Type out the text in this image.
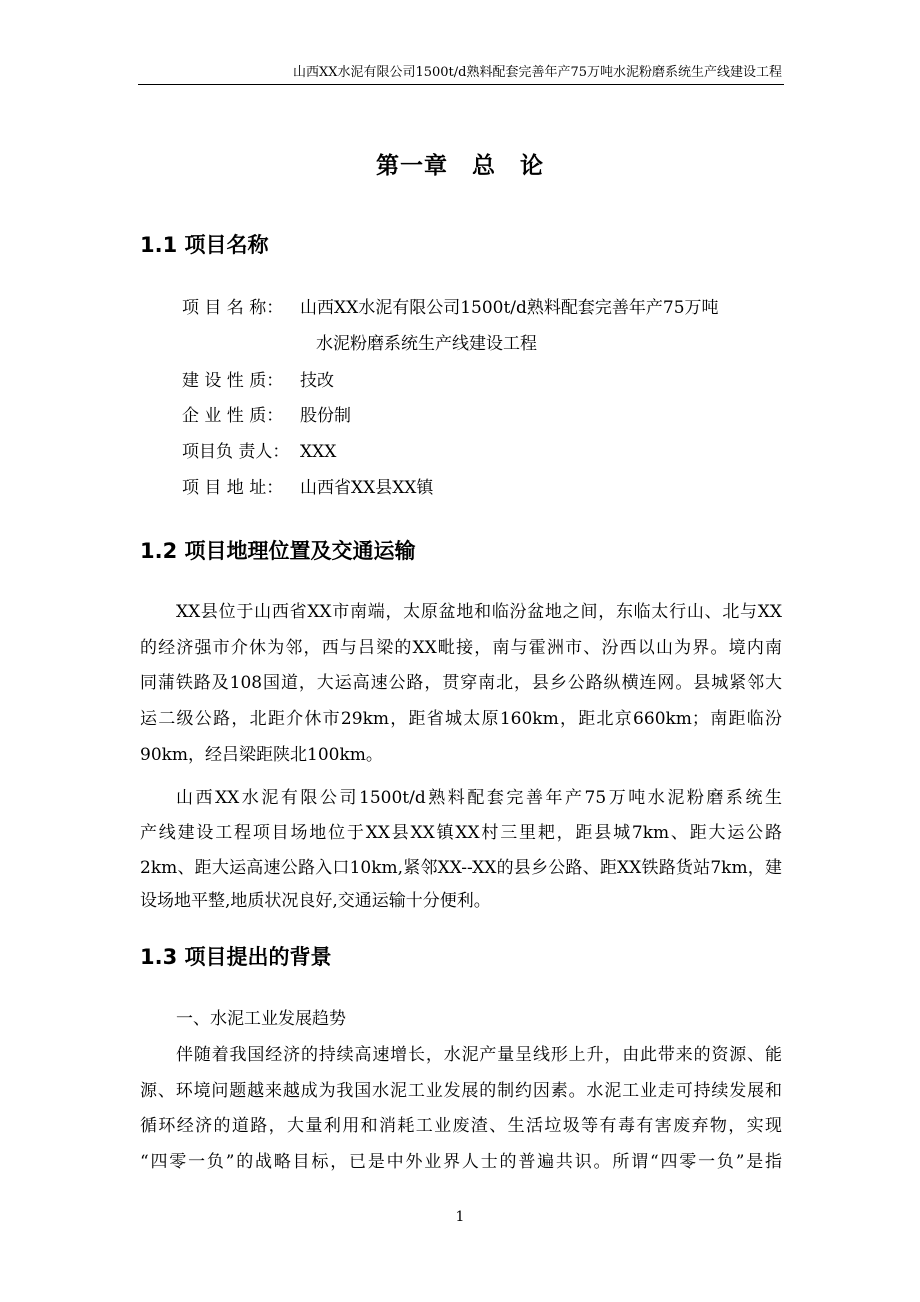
山西XX水泥有限公司1500t/d熟料配套完善年产75万吨水泥粉磨系统生产线建设工程
第一章　总　论
1.1 项目名称
项 目 名 称： 山西XX水泥有限公司1500t/d熟料配套完善年产75万吨
水泥粉磨系统生产线建设工程
建 设 性 质： 技改
企 业 性 质： 股份制
项目负 责人： XXX
项 目 地 址： 山西省XX县XX镇
1.2 项目地理位置及交通运输
XX县位于山西省XX市南端，太原盆地和临汾盆地之间，东临太行山、北与XX
的经济强市介休为邻，西与吕梁的XX毗接，南与霍洲市、汾西以山为界。境内南
同蒲铁路及108国道，大运高速公路，贯穿南北，县乡公路纵横连网。县城紧邻大
运二级公路，北距介休市29km，距省城太原160km，距北京660km；南距临汾
90km，经吕梁距陕北100km。
山西XX水泥有限公司1500t/d熟料配套完善年产75万吨水泥粉磨系统生
产线建设工程项目场地位于XX县XX镇XX村三里耙，距县城7km、距大运公路
2km、距大运高速公路入口10km,紧邻XX--XX的县乡公路、距XX铁路货站7km，建
设场地平整,地质状况良好,交通运输十分便利。
1.3 项目提出的背景
一、水泥工业发展趋势
伴随着我国经济的持续高速增长，水泥产量呈线形上升，由此带来的资源、能
源、环境问题越来越成为我国水泥工业发展的制约因素。水泥工业走可持续发展和
循环经济的道路，大量利用和消耗工业废渣、生活垃圾等有毒有害废弃物，实现
“四零一负”的战略目标，已是中外业界人士的普遍共识。所谓“四零一负”是指
1
